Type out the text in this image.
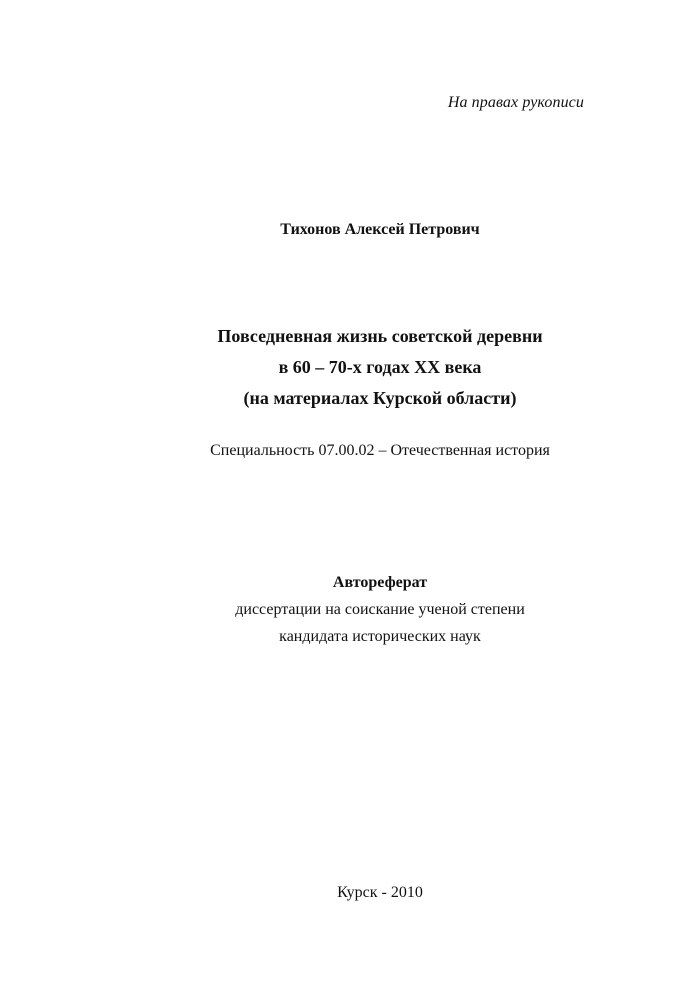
На правах рукописи
Тихонов Алексей Петрович
Повседневная жизнь советской деревни
в 60 – 70-х годах XX века
(на материалах Курской области)
Специальность 07.00.02 – Отечественная история
Автореферат
диссертации на соискание ученой степени
кандидата исторических наук
Курск - 2010
